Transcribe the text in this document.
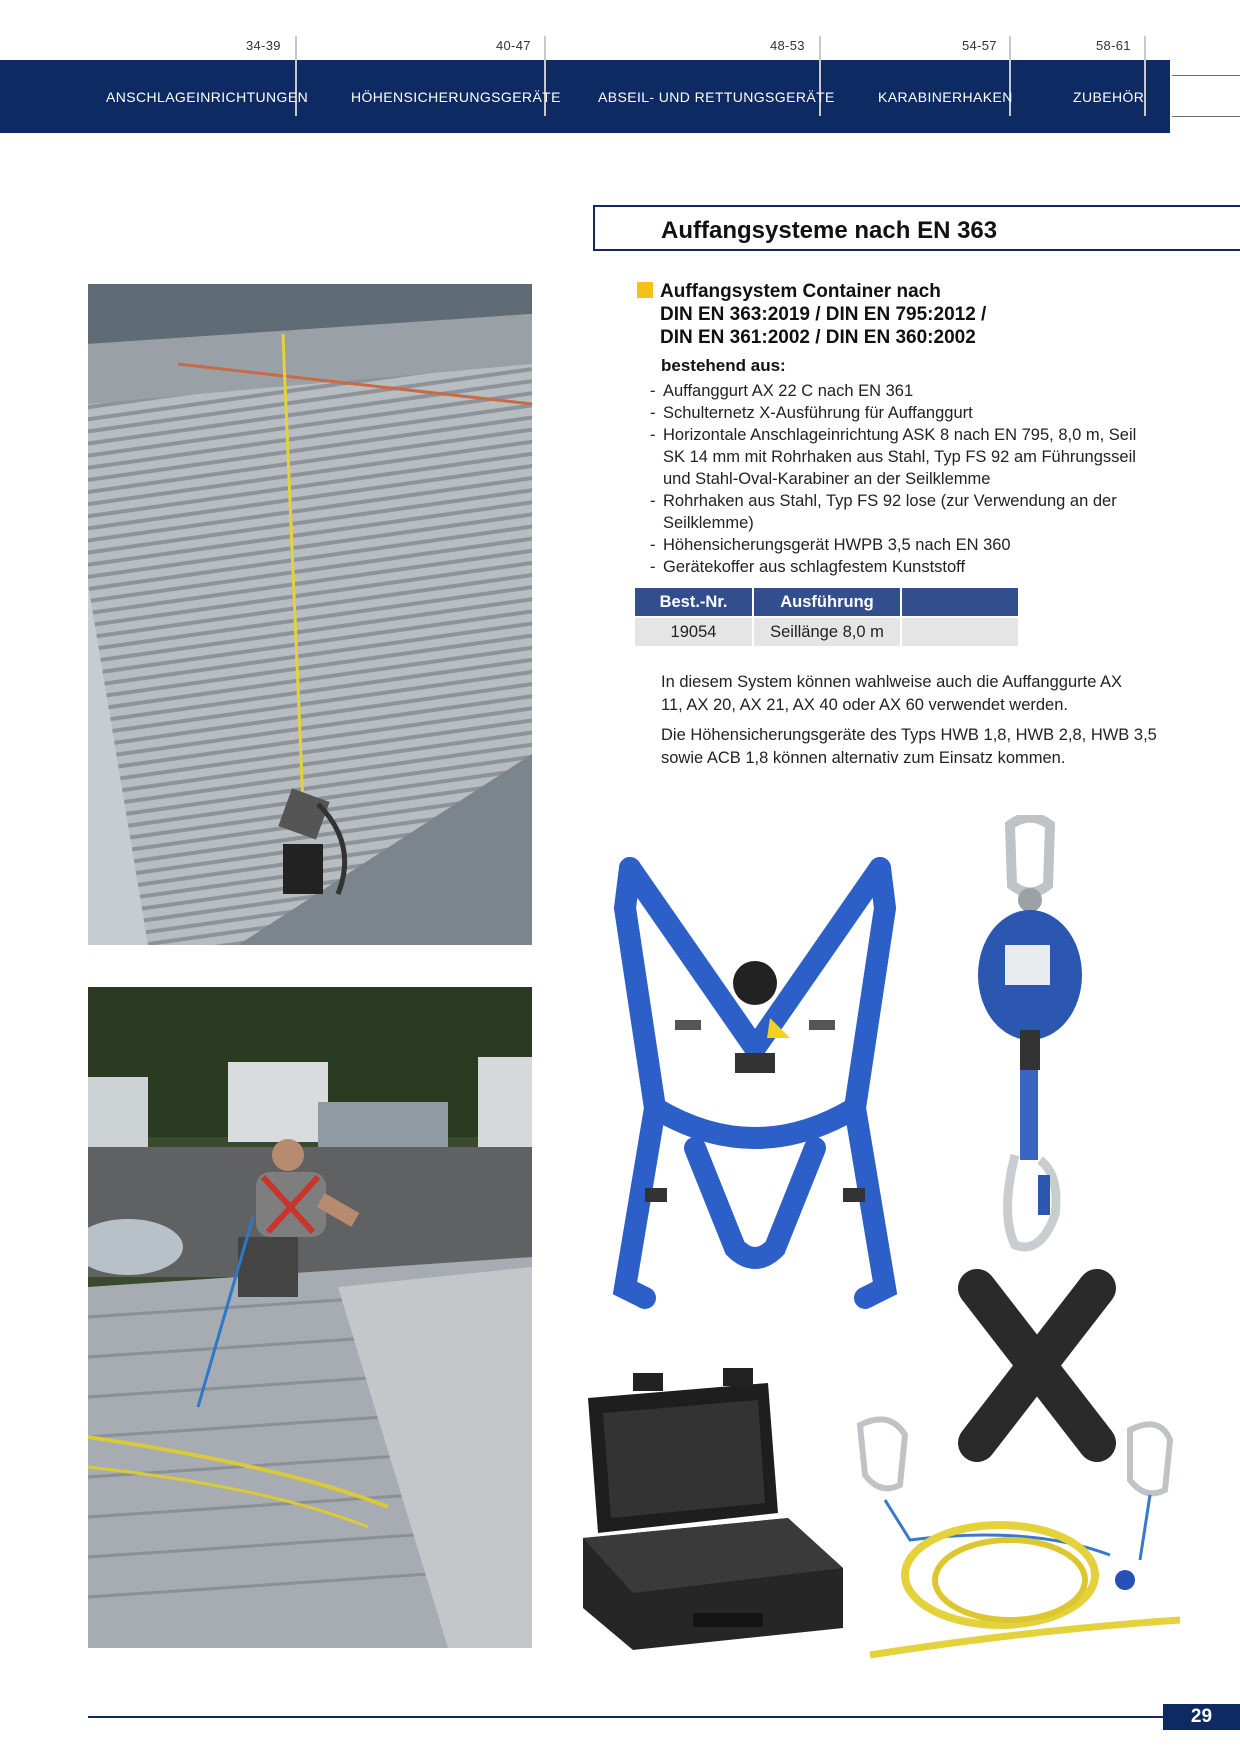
34-39
ANSCHLAGEINRICHTUNGEN
40-47
HÖHENSICHERUNGSGERÄTE
48-53
ABSEIL- UND RETTUNGSGERÄTE
54-57
KARABINERHAKEN
58-61
ZUBEHÖR
Auffangsysteme nach EN 363
Auffangsystem Container nach
DIN EN 363:2019 / DIN EN 795:2012 /
DIN EN 361:2002 / DIN EN 360:2002
bestehend aus:
- Auffanggurt AX 22 C nach EN 361
- Schulternetz X-Ausführung für Auffanggurt
- Horizontale Anschlageinrichtung ASK 8 nach EN 795, 8,0 m, Seil SK 14 mm mit Rohrhaken aus Stahl, Typ FS 92 am Führungsseil und Stahl-Oval-Karabiner an der Seilklemme
- Rohrhaken aus Stahl, Typ FS 92 lose (zur Verwendung an der Seilklemme)
- Höhensicherungsgerät HWPB 3,5 nach EN 360
- Gerätekoffer aus schlagfestem Kunststoff
Best.-Nr.	Ausführung	

19054	Seillänge 8,0 m	
In diesem System können wahlweise auch die Auffanggurte AX 11, AX 20, AX 21, AX 40 oder AX 60 verwendet werden.
Die Höhensicherungsgeräte des Typs HWB 1,8, HWB 2,8, HWB 3,5 sowie ACB 1,8 können alternativ zum Einsatz kommen.
29
